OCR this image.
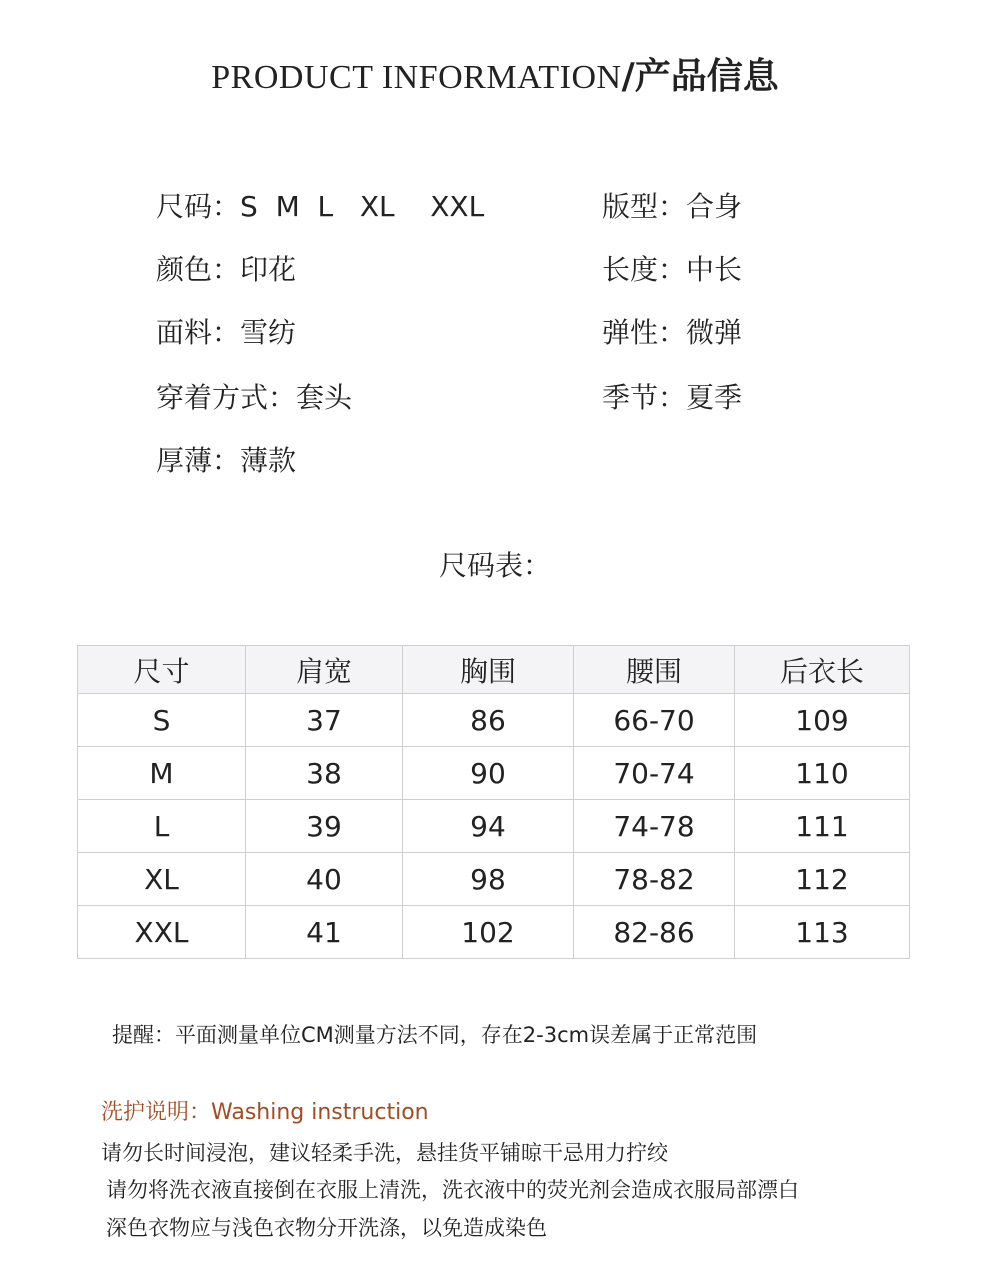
PRODUCT INFORMATION/产品信息
尺码：S  M  L   XL    XXL
颜色：印花
面料：雪纺
穿着方式：套头
厚薄：薄款
版型：合身
长度：中长
弹性：微弹
季节：夏季
尺码表：
尺寸	肩宽	胸围	腰围	后衣长
S	37	86	66-70	109
M	38	90	70-74	110
L	39	94	74-78	111
XL	40	98	78-82	112
XXL	41	102	82-86	113
提醒：平面测量单位CM测量方法不同，存在2-3cm误差属于正常范围
洗护说明：Washing instruction
请勿长时间浸泡，建议轻柔手洗，悬挂货平铺晾干忌用力拧绞
请勿将洗衣液直接倒在衣服上清洗，洗衣液中的荧光剂会造成衣服局部漂白
深色衣物应与浅色衣物分开洗涤，以免造成染色
